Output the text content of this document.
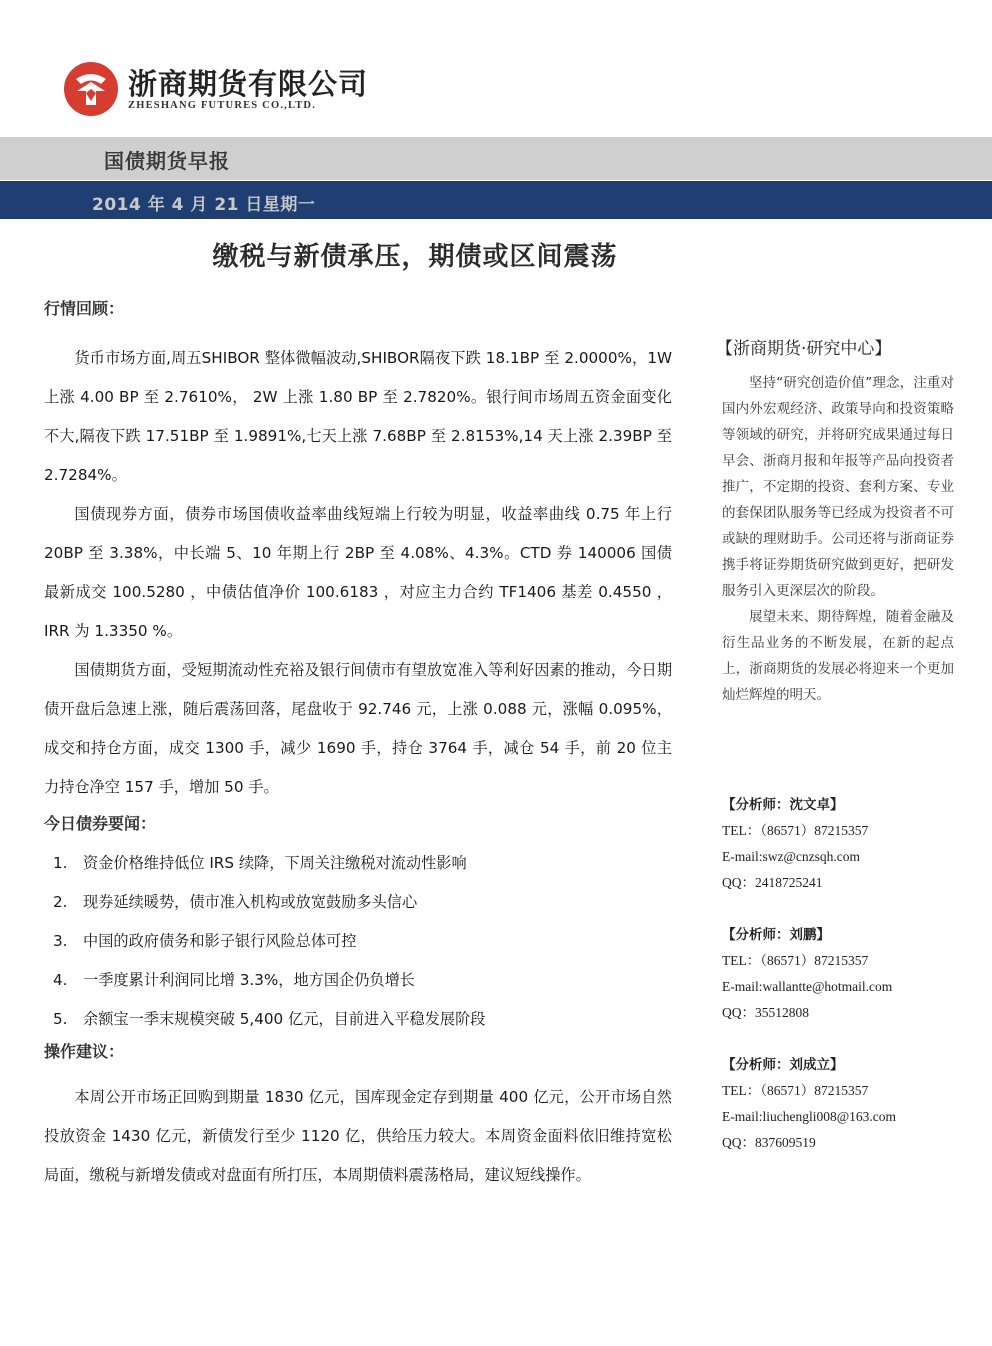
浙商期货有限公司
ZHESHANG FUTURES CO.,LTD.
国债期货早报
2014 年 4 月 21 日星期一
缴税与新债承压，期债或区间震荡
行情回顾：

货币市场方面,周五SHIBOR 整体微幅波动,SHIBOR隔夜下跌 18.1BP 至 2.0000%，1W 上涨 4.00 BP 至 2.7610%， 2W 上涨 1.80 BP 至 2.7820%。银行间市场周五资金面变化不大,隔夜下跌 17.51BP 至 1.9891%,七天上涨 7.68BP 至 2.8153%,14 天上涨 2.39BP 至 2.7284%。

国债现券方面，债券市场国债收益率曲线短端上行较为明显，收益率曲线 0.75 年上行 20BP 至 3.38%，中长端 5、10 年期上行 2BP 至 4.08%、4.3%。CTD 券 140006 国债最新成交 100.5280 ，中债估值净价 100.6183 ，对应主力合约 TF1406 基差 0.4550 ， IRR 为 1.3350 %。

国债期货方面，受短期流动性充裕及银行间债市有望放宽准入等利好因素的推动，今日期债开盘后急速上涨，随后震荡回落，尾盘收于 92.746 元，上涨 0.088 元，涨幅 0.095%，成交和持仓方面，成交 1300 手，减少 1690 手，持仓 3764 手，减仓 54 手，前 20 位主力持仓净空 157 手，增加 50 手。

今日债券要闻：
1. 资金价格维持低位 IRS 续降，下周关注缴税对流动性影响
2. 现券延续暖势，债市准入机构或放宽鼓励多头信心
3. 中国的政府债务和影子银行风险总体可控
4. 一季度累计利润同比增 3.3%，地方国企仍负增长
5. 余额宝一季末规模突破 5,400 亿元，目前进入平稳发展阶段
操作建议：

本周公开市场正回购到期量 1830 亿元，国库现金定存到期量 400 亿元，公开市场自然投放资金 1430 亿元，新债发行至少 1120 亿，供给压力较大。本周资金面料依旧维持宽松局面，缴税与新增发债或对盘面有所打压，本周期债料震荡格局，建议短线操作。

【浙商期货·研究中心】

坚持“研究创造价值”理念，注重对国内外宏观经济、政策导向和投资策略等领域的研究，并将研究成果通过每日早会、浙商月报和年报等产品向投资者推广，不定期的投资、套利方案、专业的套保团队服务等已经成为投资者不可或缺的理财助手。公司还将与浙商证券携手将证券期货研究做到更好，把研发服务引入更深层次的阶段。

展望未来、期待辉煌，随着金融及衍生品业务的不断发展，在新的起点上，浙商期货的发展必将迎来一个更加灿烂辉煌的明天。

【分析师：沈文卓】
TEL：（86571）87215357
E-mail:swz@cnzsqh.com
QQ：2418725241
【分析师：刘鹏】
TEL：（86571）87215357
E-mail:wallantte@hotmail.com
QQ：35512808
【分析师：刘成立】
TEL：（86571）87215357
E-mail:liuchengli008@163.com
QQ：837609519
